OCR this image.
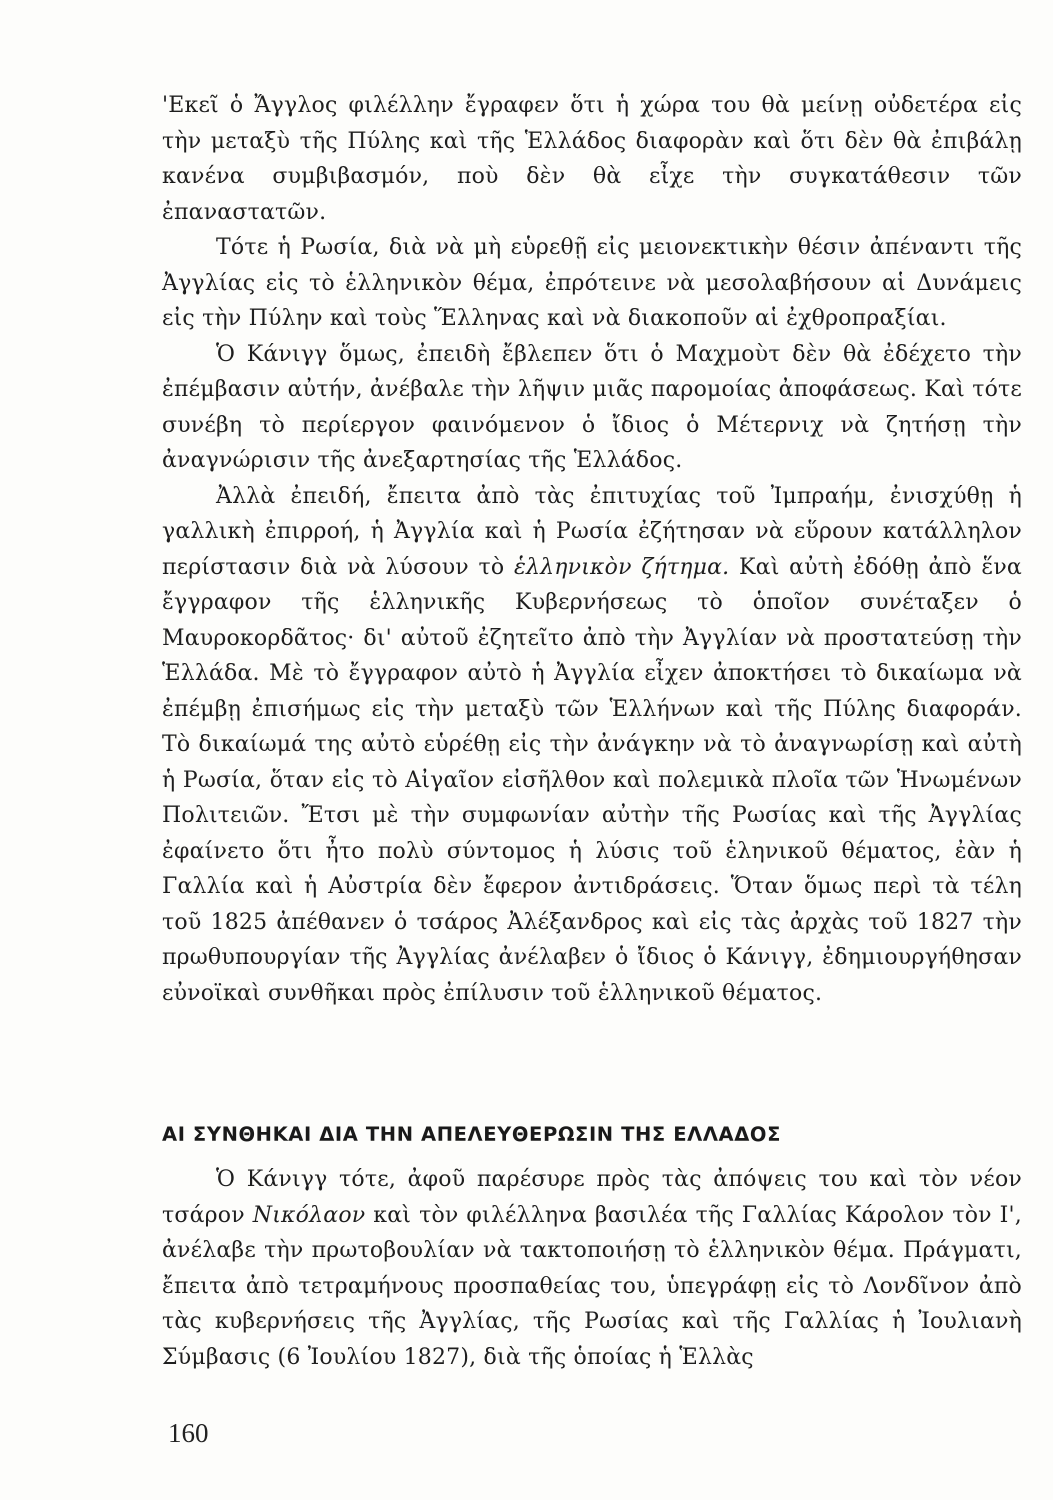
'Εκεῖ ὁ Ἄγγλος φιλέλλην ἔγραφεν ὅτι ἡ χώρα του θὰ μείνῃ οὐδετέρα εἰς τὴν μεταξὺ τῆς Πύλης καὶ τῆς Ἑλλάδος διαφορὰν καὶ ὅτι δὲν θὰ ἐπιβάλῃ κανένα συμβιβασμόν, ποὺ δὲν θὰ εἶχε τὴν συγκατάθεσιν τῶν ἐπαναστατῶν.

Τότε ἡ Ρωσία, διὰ νὰ μὴ εὑρεθῇ εἰς μειονεκτικὴν θέσιν ἀπέναντι τῆς Ἀγγλίας εἰς τὸ ἑλληνικὸν θέμα, ἐπρότεινε νὰ μεσολαβήσουν αἱ Δυνάμεις εἰς τὴν Πύλην καὶ τοὺς Ἕλληνας καὶ νὰ διακοποῦν αἱ ἐχθροπραξίαι.

Ὁ Κάνιγγ ὅμως, ἐπειδὴ ἔβλεπεν ὅτι ὁ Μαχμοὺτ δὲν θὰ ἐδέχετο τὴν ἐπέμβασιν αὐτήν, ἀνέβαλε τὴν λῆψιν μιᾶς παρομοίας ἀποφάσεως. Καὶ τότε συνέβη τὸ περίεργον φαινόμενον ὁ ἴδιος ὁ Μέτερνιχ νὰ ζητήσῃ τὴν ἀναγνώρισιν τῆς ἀνεξαρτησίας τῆς Ἑλλάδος.

Ἀλλὰ ἐπειδή, ἔπειτα ἀπὸ τὰς ἐπιτυχίας τοῦ Ἰμπραήμ, ἐνισχύθῃ ἡ γαλλικὴ ἐπιρροή, ἡ Ἀγγλία καὶ ἡ Ρωσία ἐζήτησαν νὰ εὕρουν κατάλληλον περίστασιν διὰ νὰ λύσουν τὸ ἑλληνικὸν ζήτημα. Καὶ αὐτὴ ἐδόθῃ ἀπὸ ἕνα ἔγγραφον τῆς ἑλληνικῆς Κυβερνήσεως τὸ ὁποῖον συνέταξεν ὁ Μαυροκορδᾶτος· δι' αὐτοῦ ἐζητεῖτο ἀπὸ τὴν Ἀγγλίαν νὰ προστατεύσῃ τὴν Ἑλλάδα. Μὲ τὸ ἔγγραφον αὐτὸ ἡ Ἀγγλία εἶχεν ἀποκτήσει τὸ δικαίωμα νὰ ἐπέμβῃ ἐπισήμως εἰς τὴν μεταξὺ τῶν Ἑλλήνων καὶ τῆς Πύλης διαφοράν. Τὸ δικαίωμά της αὐτὸ εὑρέθῃ εἰς τὴν ἀνάγκην νὰ τὸ ἀναγνωρίσῃ καὶ αὐτὴ ἡ Ρωσία, ὅταν εἰς τὸ Αἰγαῖον εἰσῆλθον καὶ πολεμικὰ πλοῖα τῶν Ἡνωμένων Πολιτειῶν. Ἔτσι μὲ τὴν συμφωνίαν αὐτὴν τῆς Ρωσίας καὶ τῆς Ἀγγλίας ἐφαίνετο ὅτι ἦτο πολὺ σύντομος ἡ λύσις τοῦ ἑληνικοῦ θέματος, ἐὰν ἡ Γαλλία καὶ ἡ Αὐστρία δὲν ἔφερον ἀντιδράσεις. Ὅταν ὅμως περὶ τὰ τέλη τοῦ 1825 ἀπέθανεν ὁ τσάρος Ἀλέξανδρος καὶ εἰς τὰς ἀρχὰς τοῦ 1827 τὴν πρωθυπουργίαν τῆς Ἀγγλίας ἀνέλαβεν ὁ ἴδιος ὁ Κάνιγγ, ἐδημιουργήθησαν εὐνοϊκαὶ συνθῆκαι πρὸς ἐπίλυσιν τοῦ ἑλληνικοῦ θέματος.

ΑΙ ΣΥΝΘΗΚΑΙ ΔΙΑ ΤΗΝ ΑΠΕΛΕΥΘΕΡΩΣΙΝ ΤΗΣ ΕΛΛΑΔΟΣ

Ὁ Κάνιγγ τότε, ἀφοῦ παρέσυρε πρὸς τὰς ἀπόψεις του καὶ τὸν νέον τσάρον Νικόλαον καὶ τὸν φιλέλληνα βασιλέα τῆς Γαλλίας Κάρολον τὸν Ι', ἀνέλαβε τὴν πρωτοβουλίαν νὰ τακτοποιήσῃ τὸ ἑλληνικὸν θέμα. Πράγματι, ἔπειτα ἀπὸ τετραμήνους προσπαθείας του, ὑπεγράφῃ εἰς τὸ Λονδῖνον ἀπὸ τὰς κυβερνήσεις τῆς Ἀγγλίας, τῆς Ρωσίας καὶ τῆς Γαλλίας ἡ Ἰουλιανὴ Σύμβασις (6 Ἰουλίου 1827), διὰ τῆς ὁποίας ἡ Ἑλλὰς

160
